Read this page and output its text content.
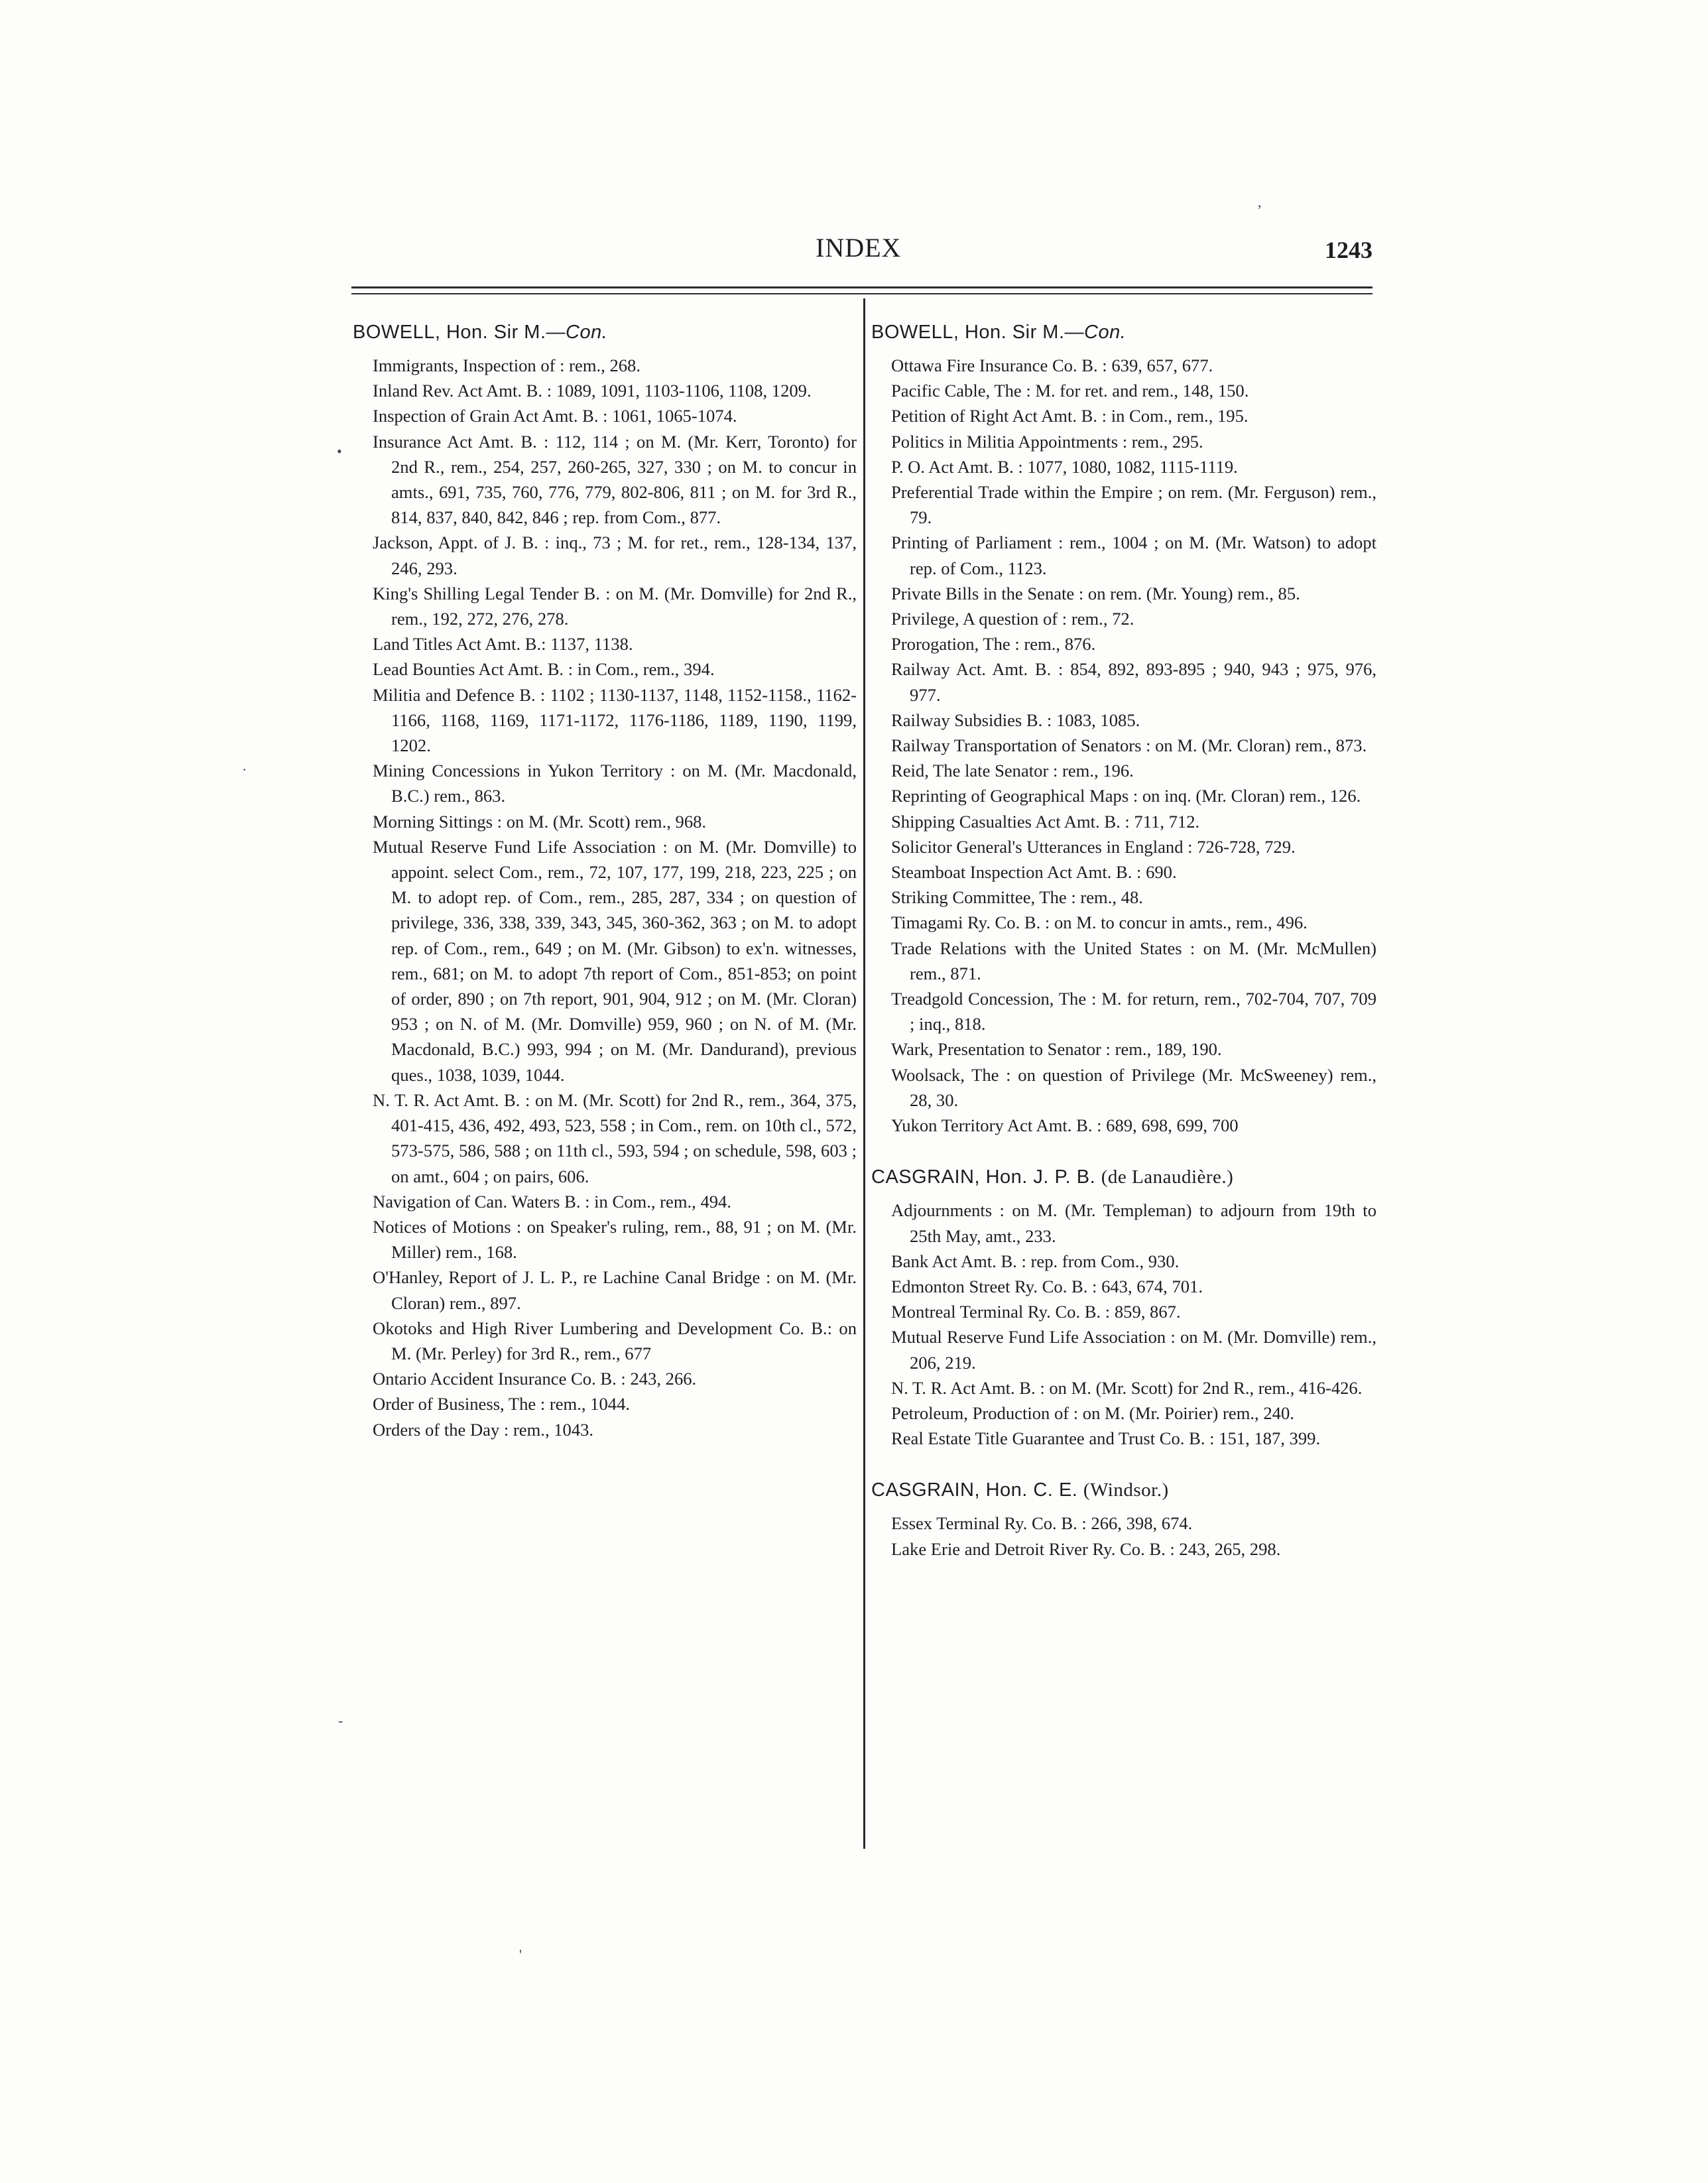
INDEX	1243
BOWELL, Hon. Sir M.—Con.
Immigrants, Inspection of : rem., 268.
Inland Rev. Act Amt. B. : 1089, 1091, 1103-1106, 1108, 1209.
Inspection of Grain Act Amt. B. : 1061, 1065-1074.
Insurance Act Amt. B. : 112, 114 ; on M. (Mr. Kerr, Toronto) for 2nd R., rem., 254, 257, 260-265, 327, 330 ; on M. to concur in amts., 691, 735, 760, 776, 779, 802-806, 811 ; on M. for 3rd R., 814, 837, 840, 842, 846 ; rep. from Com., 877.
Jackson, Appt. of J. B. : inq., 73 ; M. for ret., rem., 128-134, 137, 246, 293.
King's Shilling Legal Tender B. : on M. (Mr. Domville) for 2nd R., rem., 192, 272, 276, 278.
Land Titles Act Amt. B.: 1137, 1138.
Lead Bounties Act Amt. B. : in Com., rem., 394.
Militia and Defence B. : 1102 ; 1130-1137, 1148, 1152-1158., 1162-1166, 1168, 1169, 1171-1172, 1176-1186, 1189, 1190, 1199, 1202.
Mining Concessions in Yukon Territory : on M. (Mr. Macdonald, B.C.) rem., 863.
Morning Sittings : on M. (Mr. Scott) rem., 968.
Mutual Reserve Fund Life Association : on M. (Mr. Domville) to appoint. select Com., rem., 72, 107, 177, 199, 218, 223, 225 ; on M. to adopt rep. of Com., rem., 285, 287, 334 ; on question of privilege, 336, 338, 339, 343, 345, 360-362, 363 ; on M. to adopt rep. of Com., rem., 649 ; on M. (Mr. Gibson) to ex'n. witnesses, rem., 681; on M. to adopt 7th report of Com., 851-853; on point of order, 890 ; on 7th report, 901, 904, 912 ; on M. (Mr. Cloran) 953 ; on N. of M. (Mr. Domville) 959, 960 ; on N. of M. (Mr. Macdonald, B.C.) 993, 994 ; on M. (Mr. Dandurand), previous ques., 1038, 1039, 1044.
N. T. R. Act Amt. B. : on M. (Mr. Scott) for 2nd R., rem., 364, 375, 401-415, 436, 492, 493, 523, 558 ; in Com., rem. on 10th cl., 572, 573-575, 586, 588 ; on 11th cl., 593, 594 ; on schedule, 598, 603 ; on amt., 604 ; on pairs, 606.
Navigation of Can. Waters B. : in Com., rem., 494.
Notices of Motions : on Speaker's ruling, rem., 88, 91 ; on M. (Mr. Miller) rem., 168.
O'Hanley, Report of J. L. P., re Lachine Canal Bridge : on M. (Mr. Cloran) rem., 897.
Okotoks and High River Lumbering and Development Co. B.: on M. (Mr. Perley) for 3rd R., rem., 677
Ontario Accident Insurance Co. B. : 243, 266.
Order of Business, The : rem., 1044.
Orders of the Day : rem., 1043.
BOWELL, Hon. Sir M.—Con.
Ottawa Fire Insurance Co. B. : 639, 657, 677.
Pacific Cable, The : M. for ret. and rem., 148, 150.
Petition of Right Act Amt. B. : in Com., rem., 195.
Politics in Militia Appointments : rem., 295.
P. O. Act Amt. B. : 1077, 1080, 1082, 1115-1119.
Preferential Trade within the Empire ; on rem. (Mr. Ferguson) rem., 79.
Printing of Parliament : rem., 1004 ; on M. (Mr. Watson) to adopt rep. of Com., 1123.
Private Bills in the Senate : on rem. (Mr. Young) rem., 85.
Privilege, A question of : rem., 72.
Prorogation, The : rem., 876.
Railway Act. Amt. B. : 854, 892, 893-895 ; 940, 943 ; 975, 976, 977.
Railway Subsidies B. : 1083, 1085.
Railway Transportation of Senators : on M. (Mr. Cloran) rem., 873.
Reid, The late Senator : rem., 196.
Reprinting of Geographical Maps : on inq. (Mr. Cloran) rem., 126.
Shipping Casualties Act Amt. B. : 711, 712.
Solicitor General's Utterances in England : 726-728, 729.
Steamboat Inspection Act Amt. B. : 690.
Striking Committee, The : rem., 48.
Timagami Ry. Co. B. : on M. to concur in amts., rem., 496.
Trade Relations with the United States : on M. (Mr. McMullen) rem., 871.
Treadgold Concession, The : M. for return, rem., 702-704, 707, 709 ; inq., 818.
Wark, Presentation to Senator : rem., 189, 190.
Woolsack, The : on question of Privilege (Mr. McSweeney) rem., 28, 30.
Yukon Territory Act Amt. B. : 689, 698, 699, 700
CASGRAIN, Hon. J. P. B. (de Lanaudière.)
Adjournments : on M. (Mr. Templeman) to adjourn from 19th to 25th May, amt., 233.
Bank Act Amt. B. : rep. from Com., 930.
Edmonton Street Ry. Co. B. : 643, 674, 701.
Montreal Terminal Ry. Co. B. : 859, 867.
Mutual Reserve Fund Life Association : on M. (Mr. Domville) rem., 206, 219.
N. T. R. Act Amt. B. : on M. (Mr. Scott) for 2nd R., rem., 416-426.
Petroleum, Production of : on M. (Mr. Poirier) rem., 240.
Real Estate Title Guarantee and Trust Co. B. : 151, 187, 399.
CASGRAIN, Hon. C. E. (Windsor.)
Essex Terminal Ry. Co. B. : 266, 398, 674.
Lake Erie and Detroit River Ry. Co. B. : 243, 265, 298.
,
•
·
-
'
